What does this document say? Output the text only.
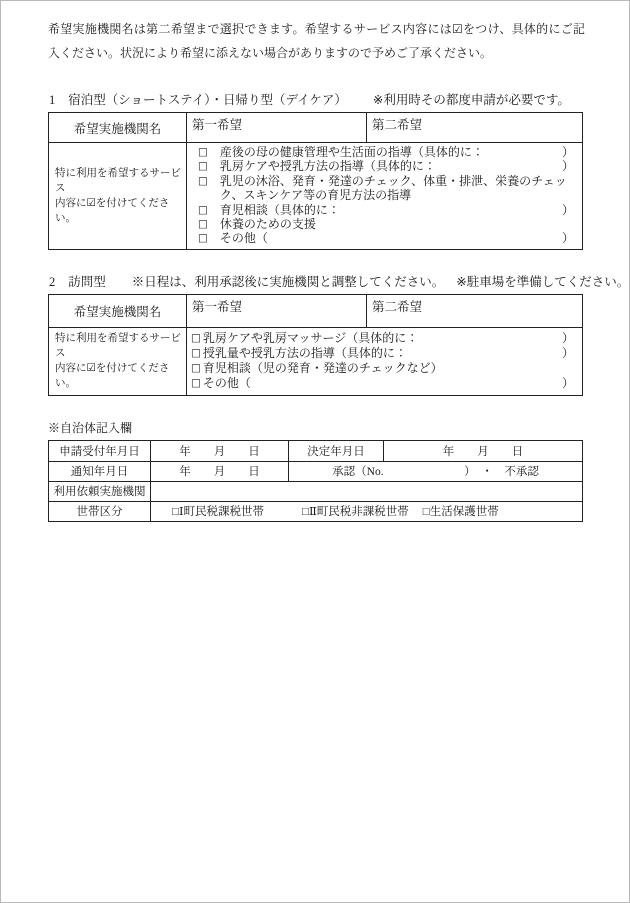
希望実施機関名は第二希望まで選択できます。希望するサービス内容には☑をつけ、具体的にご記入ください。状況により希望に添えない場合がありますので予めご了承ください。

1 宿泊型（ショートステイ）・日帰り型（デイケア） ※利用時その都度申請が必要です。
希望実施機関名	第一希望	第二希望
特に利用を希望するサービス
内容に☑を付けてください。
□ 産後の母の健康管理や生活面の指導（具体的に：	）
□ 乳房ケアや授乳方法の指導（具体的に：	）
□ 乳児の沐浴、発育・発達のチェック、体重・排泄、栄養のチェック、スキンケア等の育児方法の指導
□ 育児相談（具体的に：	）
□ 休養のための支援
□ その他（	）
2 訪問型 ※日程は、利用承認後に実施機関と調整してください。 ※駐車場を準備してください。
希望実施機関名	第一希望	第二希望
特に利用を希望するサービス
内容に☑を付けてください。
□ 乳房ケアや乳房マッサージ（具体的に：	）
□ 授乳量や授乳方法の指導（具体的に：	）
□ 育児相談（児の発育・発達のチェックなど）
□ その他（	）
※自治体記入欄
申請受付年月日	年　　月　　日	決定年月日	年　　月　　日
通知年月日	年　　月　　日	承認（No.　　　　　　　）　・　不承認
利用依頼実施機関
世帯区分	□Ⅰ町民税課税世帯	□Ⅱ町民税非課税世帯 □生活保護世帯
